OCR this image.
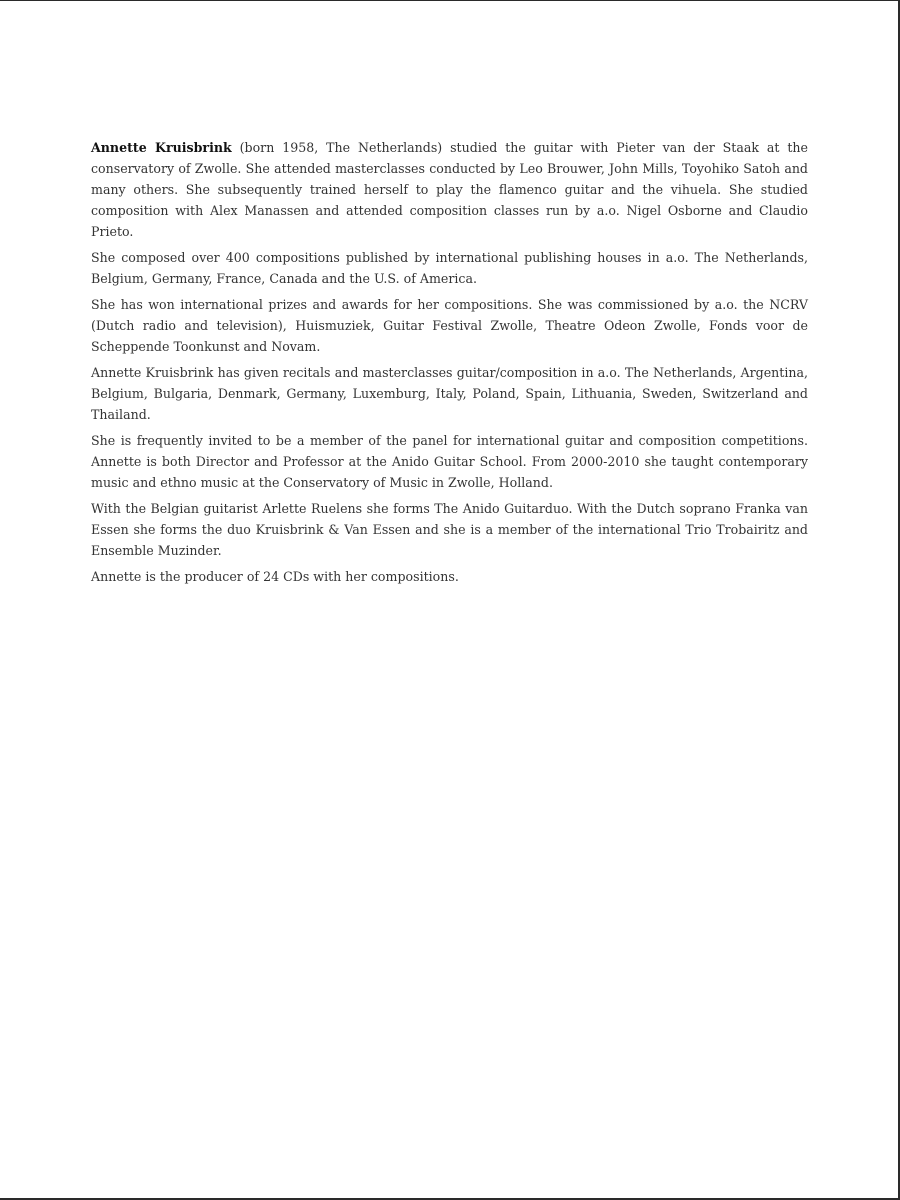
Annette Kruisbrink (born 1958, The Netherlands) studied the guitar with Pieter van der Staak at the conservatory of Zwolle. She attended masterclasses conducted by Leo Brouwer, John Mills, Toyohiko Satoh and many others. She subsequently trained herself to play the flamenco guitar and the vihuela. She studied composition with Alex Manassen and attended composition classes run by a.o. Nigel Osborne and Claudio Prieto.

She composed over 400 compositions published by international publishing houses in a.o. The Netherlands, Belgium, Germany, France, Canada and the U.S. of America.

She has won international prizes and awards for her compositions. She was commissioned by a.o. the NCRV (Dutch radio and television), Huismuziek, Guitar Festival Zwolle, Theatre Odeon Zwolle, Fonds voor de Scheppende Toonkunst and Novam.

Annette Kruisbrink has given recitals and masterclasses guitar/composition in a.o. The Netherlands, Argentina, Belgium, Bulgaria, Denmark, Germany, Luxemburg, Italy, Poland, Spain, Lithuania, Sweden, Switzerland and Thailand.

She is frequently invited to be a member of the panel for international guitar and composition competitions. Annette is both Director and Professor at the Anido Guitar School. From 2000-2010 she taught contemporary music and ethno music at the Conservatory of Music in Zwolle, Holland.

With the Belgian guitarist Arlette Ruelens she forms The Anido Guitarduo. With the Dutch soprano Franka van Essen she forms the duo Kruisbrink & Van Essen and she is a member of the international Trio Trobairitz and Ensemble Muzinder.

Annette is the producer of 24 CDs with her compositions.
